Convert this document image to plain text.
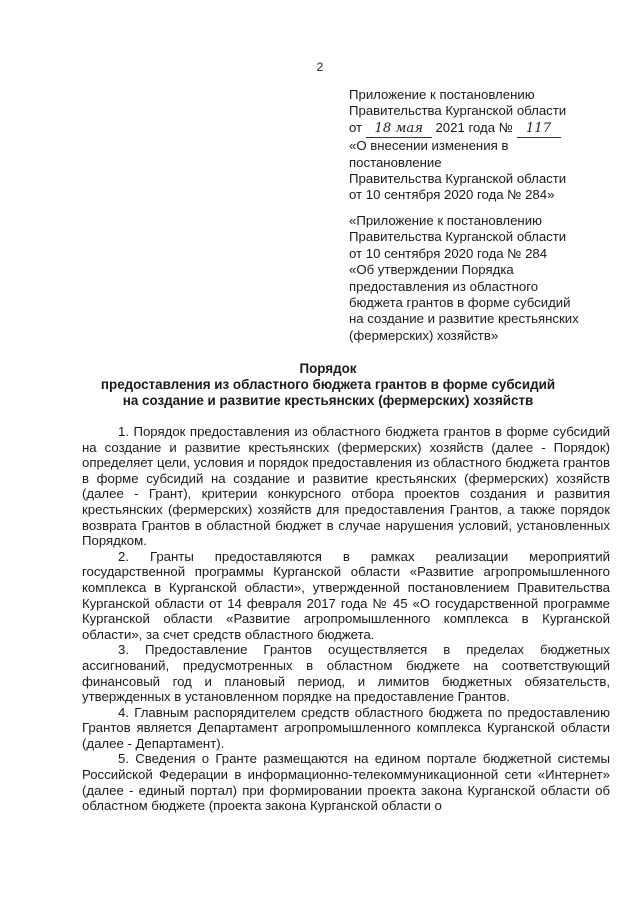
2
Приложение к постановлению
Правительства Курганской области
от 18 мая 2021 года № 117
«О внесении изменения в
постановление
Правительства Курганской области
от 10 сентября 2020 года № 284»
«Приложение к постановлению
Правительства Курганской области
от 10 сентября 2020 года № 284
«Об утверждении Порядка
предоставления из областного
бюджета грантов в форме субсидий
на создание и развитие крестьянских
(фермерских) хозяйств»
Порядок
предоставления из областного бюджета грантов в форме субсидий
на создание и развитие крестьянских (фермерских) хозяйств

1. Порядок предоставления из областного бюджета грантов в форме субсидий на создание и развитие крестьянских (фермерских) хозяйств (далее - Порядок) определяет цели, условия и порядок предоставления из областного бюджета грантов в форме субсидий на создание и развитие крестьянских (фермерских) хозяйств (далее - Грант), критерии конкурсного отбора проектов создания и развития крестьянских (фермерских) хозяйств для предоставления Грантов, а также порядок возврата Грантов в областной бюджет в случае нарушения условий, установленных Порядком.

2. Гранты предоставляются в рамках реализации мероприятий государственной программы Курганской области «Развитие агропромышленного комплекса в Курганской области», утвержденной постановлением Правительства Курганской области от 14 февраля 2017 года № 45 «О государственной программе Курганской области «Развитие агропромышленного комплекса в Курганской области», за счет средств областного бюджета.

3. Предоставление Грантов осуществляется в пределах бюджетных ассигнований, предусмотренных в областном бюджете на соответствующий финансовый год и плановый период, и лимитов бюджетных обязательств, утвержденных в установленном порядке на предоставление Грантов.

4. Главным распорядителем средств областного бюджета по предоставлению Грантов является Департамент агропромышленного комплекса Курганской области (далее - Департамент).

5. Сведения о Гранте размещаются на едином портале бюджетной системы Российской Федерации в информационно-телекоммуникационной сети «Интернет» (далее - единый портал) при формировании проекта закона Курганской области об областном бюджете (проекта закона Курганской области о
